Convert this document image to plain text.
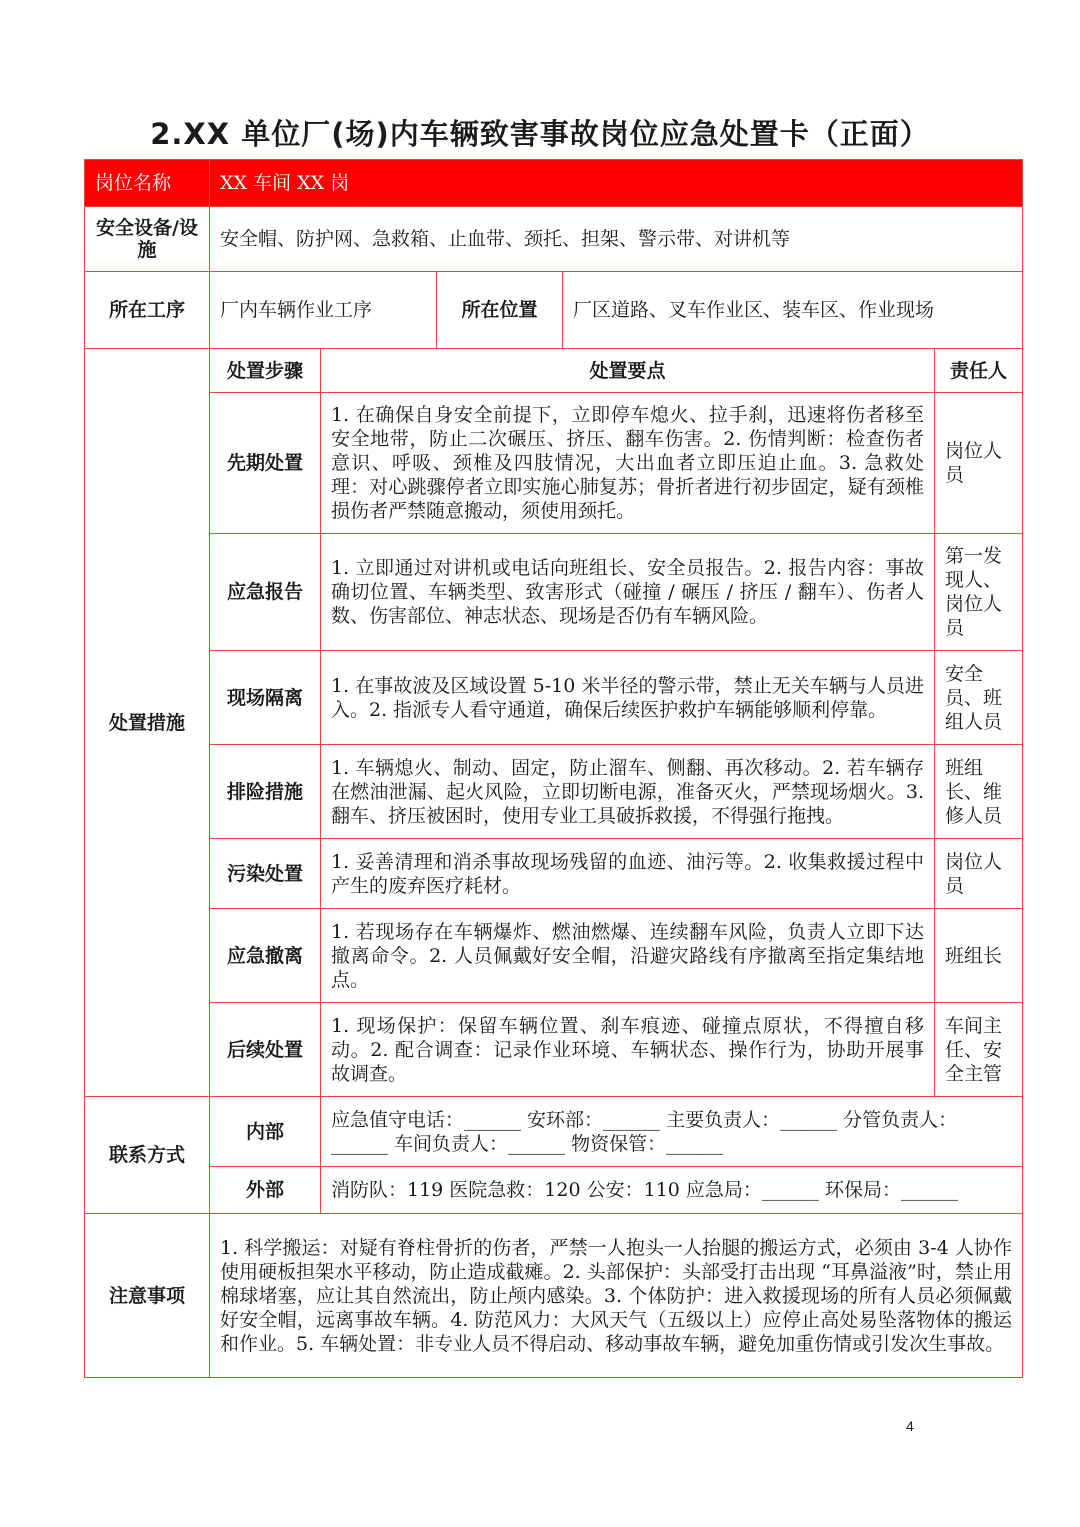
2.XX 单位厂(场)内车辆致害事故岗位应急处置卡（正面）
岗位名称	XX 车间 XX 岗				
安全设备/设施	安全帽、防护网、急救箱、止血带、颈托、担架、警示带、对讲机等				
所在工序	厂内车辆作业工序		所在位置	厂区道路、叉车作业区、装车区、作业现场	
处置措施	处置步骤	处置要点			责任人
	先期处置	1. 在确保自身安全前提下，立即停车熄火、拉手刹，迅速将伤者移至安全地带，防止二次碾压、挤压、翻车伤害。2. 伤情判断：检查伤者意识、呼吸、颈椎及四肢情况，大出血者立即压迫止血。3. 急救处理：对心跳骤停者立即实施心肺复苏；骨折者进行初步固定，疑有颈椎损伤者严禁随意搬动，须使用颈托。			岗位人员
	应急报告	1. 立即通过对讲机或电话向班组长、安全员报告。2. 报告内容：事故确切位置、车辆类型、致害形式（碰撞 / 碾压 / 挤压 / 翻车）、伤者人数、伤害部位、神志状态、现场是否仍有车辆风险。			第一发现人、岗位人员
	现场隔离	1. 在事故波及区域设置 5-10 米半径的警示带，禁止无关车辆与人员进入。2. 指派专人看守通道，确保后续医护救护车辆能够顺利停靠。			安全员、班组人员
	排险措施	1. 车辆熄火、制动、固定，防止溜车、侧翻、再次移动。2. 若车辆存在燃油泄漏、起火风险，立即切断电源，准备灭火，严禁现场烟火。3. 翻车、挤压被困时，使用专业工具破拆救援，不得强行拖拽。			班组长、维修人员
	污染处置	1. 妥善清理和消杀事故现场残留的血迹、油污等。2. 收集救援过程中产生的废弃医疗耗材。			岗位人员
	应急撤离	1. 若现场存在车辆爆炸、燃油燃爆、连续翻车风险，负责人立即下达撤离命令。2. 人员佩戴好安全帽，沿避灾路线有序撤离至指定集结地点。			班组长
	后续处置	1. 现场保护：保留车辆位置、刹车痕迹、碰撞点原状，不得擅自移动。2. 配合调查：记录作业环境、车辆状态、操作行为，协助开展事故调查。			车间主任、安全主管
联系方式	内部	应急值守电话：______ 安环部：______ 主要负责人：______ 分管负责人：______ 车间负责人：______ 物资保管：______			
	外部	消防队：119 医院急救：120 公安：110 应急局：______ 环保局：______			
注意事项	1. 科学搬运：对疑有脊柱骨折的伤者，严禁一人抱头一人抬腿的搬运方式，必须由 3-4 人协作使用硬板担架水平移动，防止造成截瘫。2. 头部保护：头部受打击出现 “耳鼻溢液”时，禁止用棉球堵塞，应让其自然流出，防止颅内感染。3. 个体防护：进入救援现场的所有人员必须佩戴好安全帽，远离事故车辆。4. 防范风力：大风天气（五级以上）应停止高处易坠落物体的搬运和作业。5. 车辆处置：非专业人员不得启动、移动事故车辆，避免加重伤情或引发次生事故。				
4
